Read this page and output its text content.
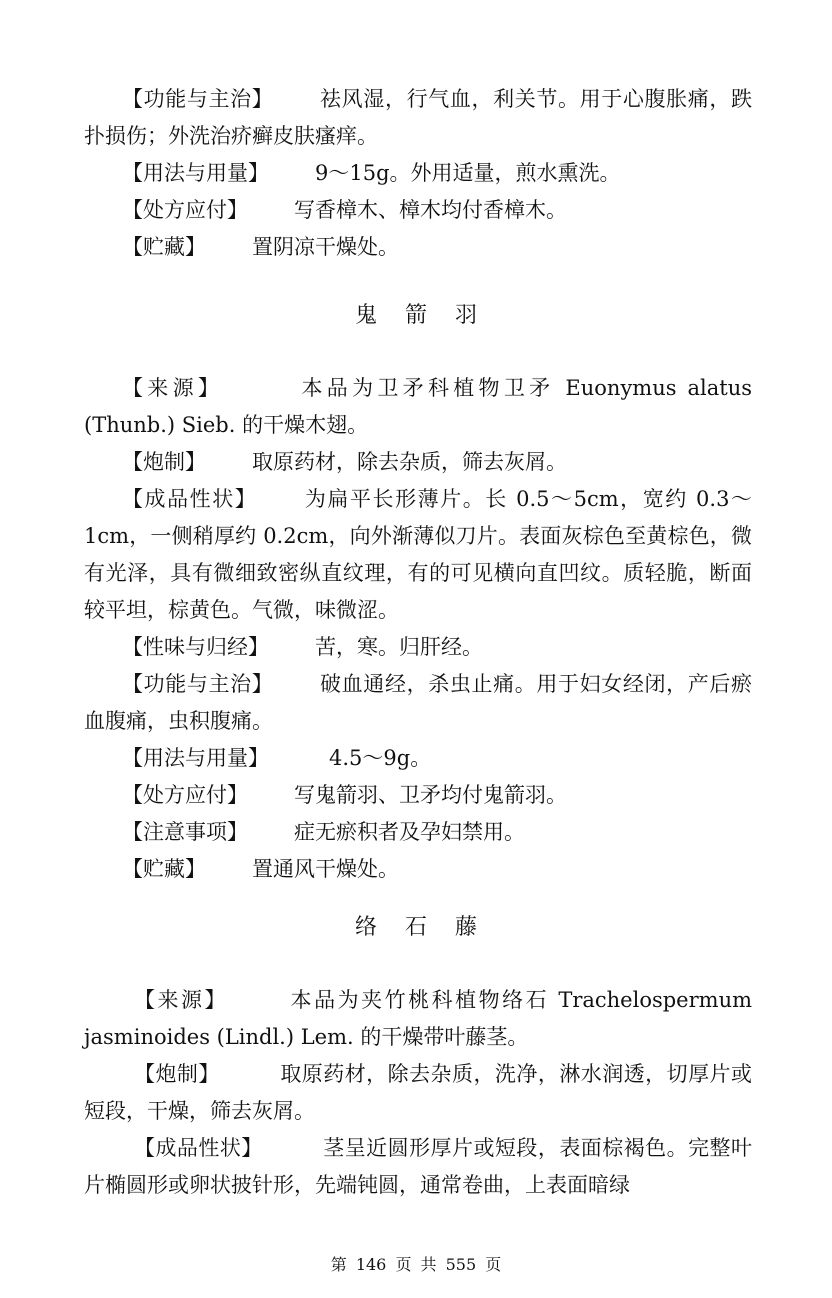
【功能与主治】 祛风湿，行气血，利关节。用于心腹胀痛，跌扑损伤；外洗治疥癣皮肤瘙痒。

【用法与用量】 9～15g。外用适量，煎水熏洗。

【处方应付】 写香樟木、樟木均付香樟木。

【贮藏】 置阴凉干燥处。

鬼箭羽

【来源】	本品为卫矛科植物卫矛 Euonymus alatus (Thunb.) Sieb. 的干燥木翅。

【炮制】 取原药材，除去杂质，筛去灰屑。

【成品性状】 为扁平长形薄片。长 0.5～5cm，宽约 0.3～1cm，一侧稍厚约 0.2cm，向外渐薄似刀片。表面灰棕色至黄棕色，微有光泽，具有微细致密纵直纹理，有的可见横向直凹纹。质轻脆，断面较平坦，棕黄色。气微，味微涩。

【性味与归经】 苦，寒。归肝经。

【功能与主治】 破血通经，杀虫止痛。用于妇女经闭，产后瘀血腹痛，虫积腹痛。

【用法与用量】	4.5～9g。

【处方应付】 写鬼箭羽、卫矛均付鬼箭羽。

【注意事项】 症无瘀积者及孕妇禁用。

【贮藏】 置通风干燥处。

络石藤

【来源】	本品为夹竹桃科植物络石 Trachelospermum jasminoides (Lindl.) Lem. 的干燥带叶藤茎。

【炮制】	取原药材，除去杂质，洗净，淋水润透，切厚片或短段，干燥，筛去灰屑。

【成品性状】	茎呈近圆形厚片或短段，表面棕褐色。完整叶片椭圆形或卵状披针形，先端钝圆，通常卷曲，上表面暗绿

第 146 页 共 555 页
